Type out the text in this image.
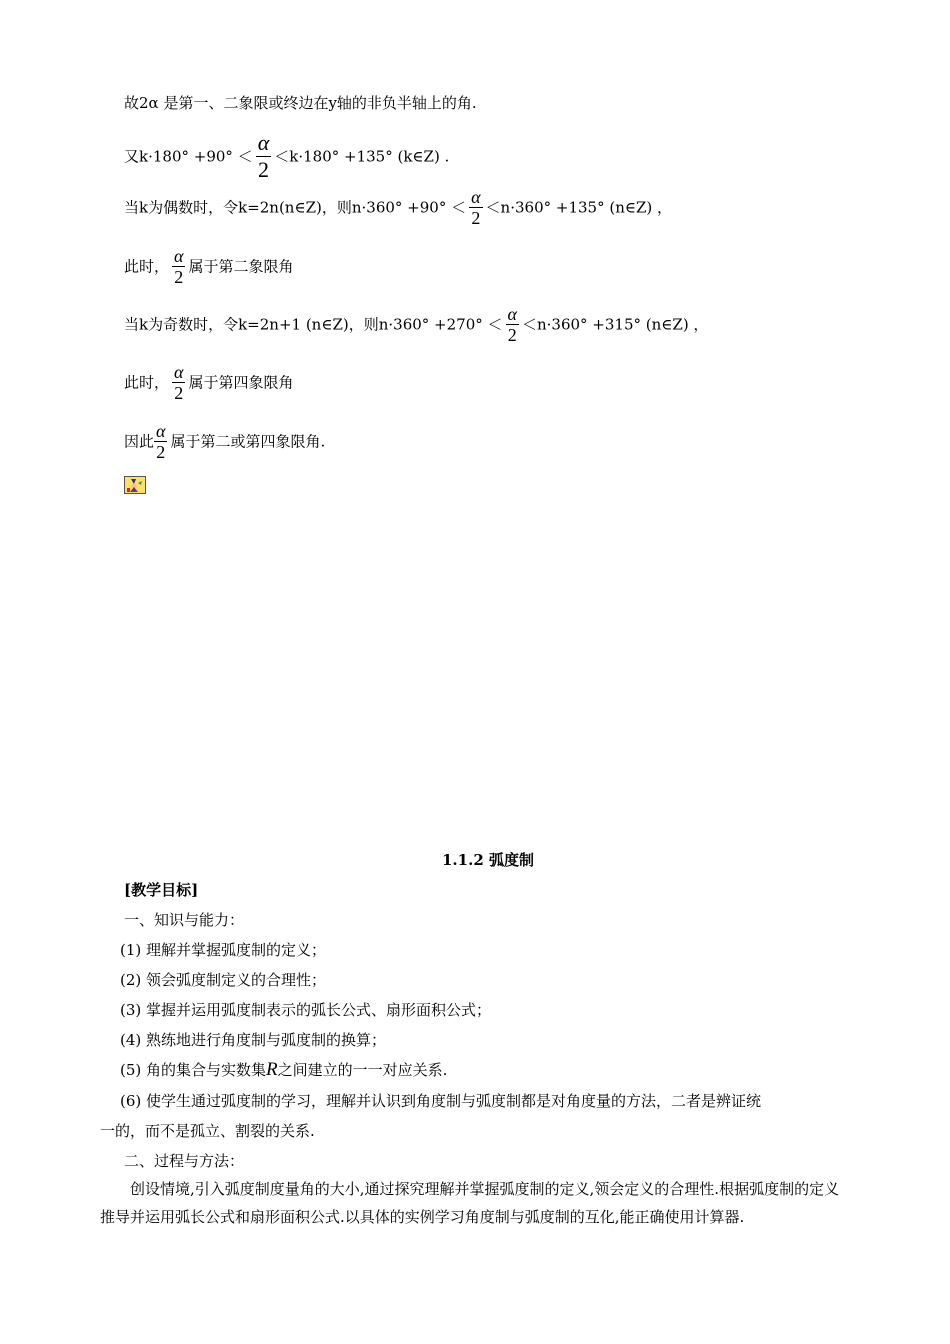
故2α 是第一、二象限或终边在y轴的非负半轴上的角.
又$k\cdot 180^\circ +90^\circ < \frac{\alpha}{2} <k\cdot 180^\circ +135^\circ$ (k∈Z) .
当k为偶数时，令k=2n(n∈Z)，则$n\cdot 360^\circ +90^\circ < \frac{\alpha}{2} <n\cdot 360^\circ +135^\circ$ (n∈Z) ，
此时， $\frac{\alpha}{2}$ 属于第二象限角
当k为奇数时，令k=2n+1 (n∈Z)，则$n\cdot 360^\circ +270^\circ < \frac{\alpha}{2} <n\cdot 360^\circ +315^\circ$ (n∈Z) ，
此时， $\frac{\alpha}{2}$ 属于第四象限角
因此 $\frac{\alpha}{2}$ 属于第二或第四象限角.
1.1.2 弧度制
[教学目标]
一、知识与能力：
(1) 理解并掌握弧度制的定义；
(2) 领会弧度制定义的合理性；
(3) 掌握并运用弧度制表示的弧长公式、扇形面积公式；
(4) 熟练地进行角度制与弧度制的换算；
(5) 角的集合与实数集R之间建立的一一对应关系.
(6) 使学生通过弧度制的学习，理解并认识到角度制与弧度制都是对角度量的方法，二者是辨证统
一的，而不是孤立、割裂的关系.
二、过程与方法：
创设情境,引入弧度制度量角的大小,通过探究理解并掌握弧度制的定义,领会定义的合理性.根据弧度制的定义推导并运用弧长公式和扇形面积公式.以具体的实例学习角度制与弧度制的互化,能正确使用计算器.
